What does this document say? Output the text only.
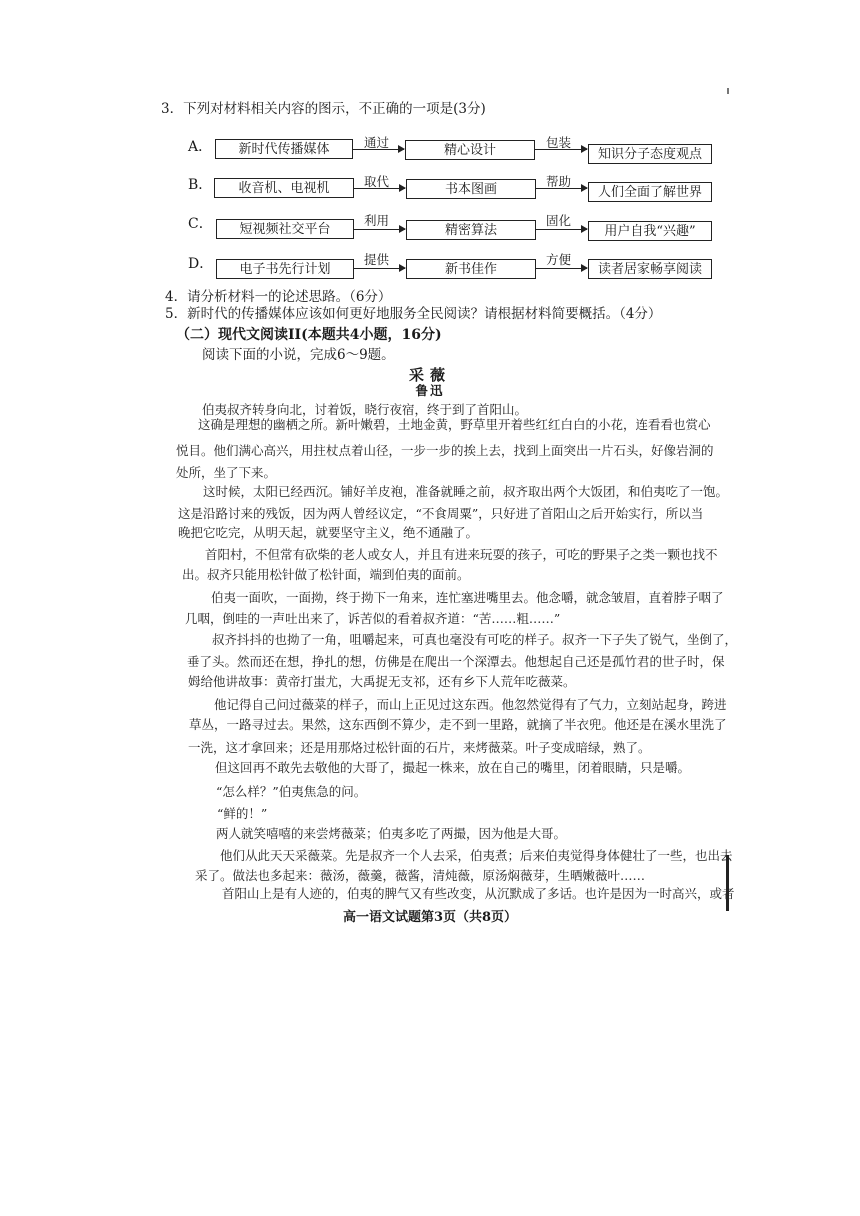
3．下列对材料相关内容的图示，不正确的一项是(3分)
A．	新时代传播媒体	通过
精心设计
包装
知识分子态度观点
B．	收音机、电视机	取代
书本图画
帮助
人们全面了解世界
C．	短视频社交平台
利用
精密算法
固化
用户自我“兴趣”
D．	电子书先行计划
提供
新书佳作
方便
读者居家畅享阅读
4．请分析材料一的论述思路。（6分）
5．新时代的传播媒体应该如何更好地服务全民阅读？请根据材料简要概括。（4分）
（二）现代文阅读II(本题共4小题，16分)
阅读下面的小说，完成6～9题。
采薇
鲁迅
伯夷叔齐转身向北，讨着饭，晓行夜宿，终于到了首阳山。
这确是理想的幽栖之所。新叶嫩碧，土地金黄，野草里开着些红红白白的小花，连看看也赏心
悦目。他们满心高兴，用拄杖点着山径，一步一步的挨上去，找到上面突出一片石头，好像岩洞的
处所，坐了下来。
这时候，太阳已经西沉。铺好羊皮袍，准备就睡之前，叔齐取出两个大饭团，和伯夷吃了一饱。
这是沿路讨来的残饭，因为两人曾经议定，“不食周粟”，只好进了首阳山之后开始实行，所以当
晚把它吃完，从明天起，就要坚守主义，绝不通融了。
首阳村，不但常有砍柴的老人或女人，并且有进来玩耍的孩子，可吃的野果子之类一颗也找不
出。叔齐只能用松针做了松针面，端到伯夷的面前。
伯夷一面吹，一面拗，终于拗下一角来，连忙塞进嘴里去。他念嚼，就念皱眉，直着脖子咽了
几咽，倒哇的一声吐出来了，诉苦似的看着叔齐道：“苦……粗……”
叔齐抖抖的也拗了一角，咀嚼起来，可真也毫没有可吃的样子。叔齐一下子失了锐气，坐倒了，
垂了头。然而还在想，挣扎的想，仿佛是在爬出一个深潭去。他想起自己还是孤竹君的世子时，保
姆给他讲故事：黄帝打蚩尤，大禹捉无支祁，还有乡下人荒年吃薇菜。
他记得自己问过薇菜的样子，而山上正见过这东西。他忽然觉得有了气力，立刻站起身，跨进
草丛，一路寻过去。果然，这东西倒不算少，走不到一里路，就摘了半衣兜。他还是在溪水里洗了
一洗，这才拿回来；还是用那烙过松针面的石片，来烤薇菜。叶子变成暗绿，熟了。
但这回再不敢先去敬他的大哥了，撮起一株来，放在自己的嘴里，闭着眼睛，只是嚼。
“怎么样？”伯夷焦急的问。
“鲜的！”
两人就笑嘻嘻的来尝烤薇菜；伯夷多吃了两撮，因为他是大哥。
他们从此天天采薇菜。先是叔齐一个人去采，伯夷煮；后来伯夷觉得身体健壮了一些，也出去
采了。做法也多起来：薇汤，薇羹，薇酱，清炖薇，原汤焖薇芽，生晒嫩薇叶……
首阳山上是有人迹的，伯夷的脾气又有些改变，从沉默成了多话。也许是因为一时高兴，或者
高一语文试题第3页（共8页）
